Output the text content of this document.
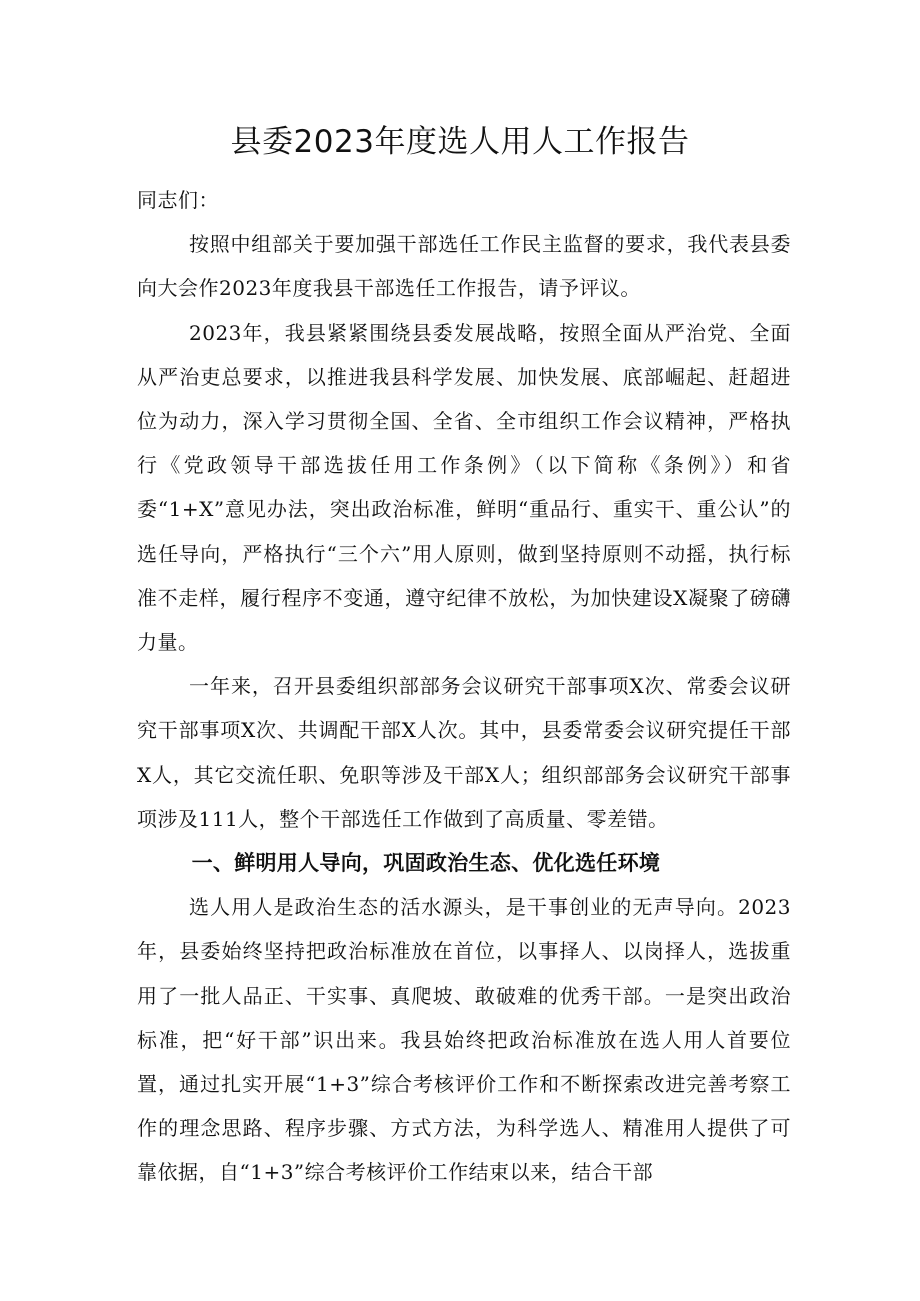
县委2023年度选人用人工作报告

同志们：

按照中组部关于要加强干部选任工作民主监督的要求，我代表县委向大会作2023年度我县干部选任工作报告，请予评议。

2023年，我县紧紧围绕县委发展战略，按照全面从严治党、全面从严治吏总要求，以推进我县科学发展、加快发展、底部崛起、赶超进位为动力，深入学习贯彻全国、全省、全市组织工作会议精神，严格执行《党政领导干部选拔任用工作条例》（以下简称《条例》）和省委“1+X”意见办法，突出政治标准，鲜明“重品行、重实干、重公认”的选任导向，严格执行“三个六”用人原则，做到坚持原则不动摇，执行标准不走样，履行程序不变通，遵守纪律不放松，为加快建设X凝聚了磅礴力量。

一年来，召开县委组织部部务会议研究干部事项X次、常委会议研究干部事项X次、共调配干部X人次。其中，县委常委会议研究提任干部X人，其它交流任职、免职等涉及干部X人；组织部部务会议研究干部事项涉及111人，整个干部选任工作做到了高质量、零差错。

一、鲜明用人导向，巩固政治生态、优化选任环境

选人用人是政治生态的活水源头，是干事创业的无声导向。2023年，县委始终坚持把政治标准放在首位，以事择人、以岗择人，选拔重用了一批人品正、干实事、真爬坡、敢破难的优秀干部。一是突出政治标准，把“好干部”识出来。我县始终把政治标准放在选人用人首要位置，通过扎实开展“1+3”综合考核评价工作和不断探索改进完善考察工作的理念思路、程序步骤、方式方法，为科学选人、精准用人提供了可靠依据，自“1+3”综合考核评价工作结束以来，结合干部
